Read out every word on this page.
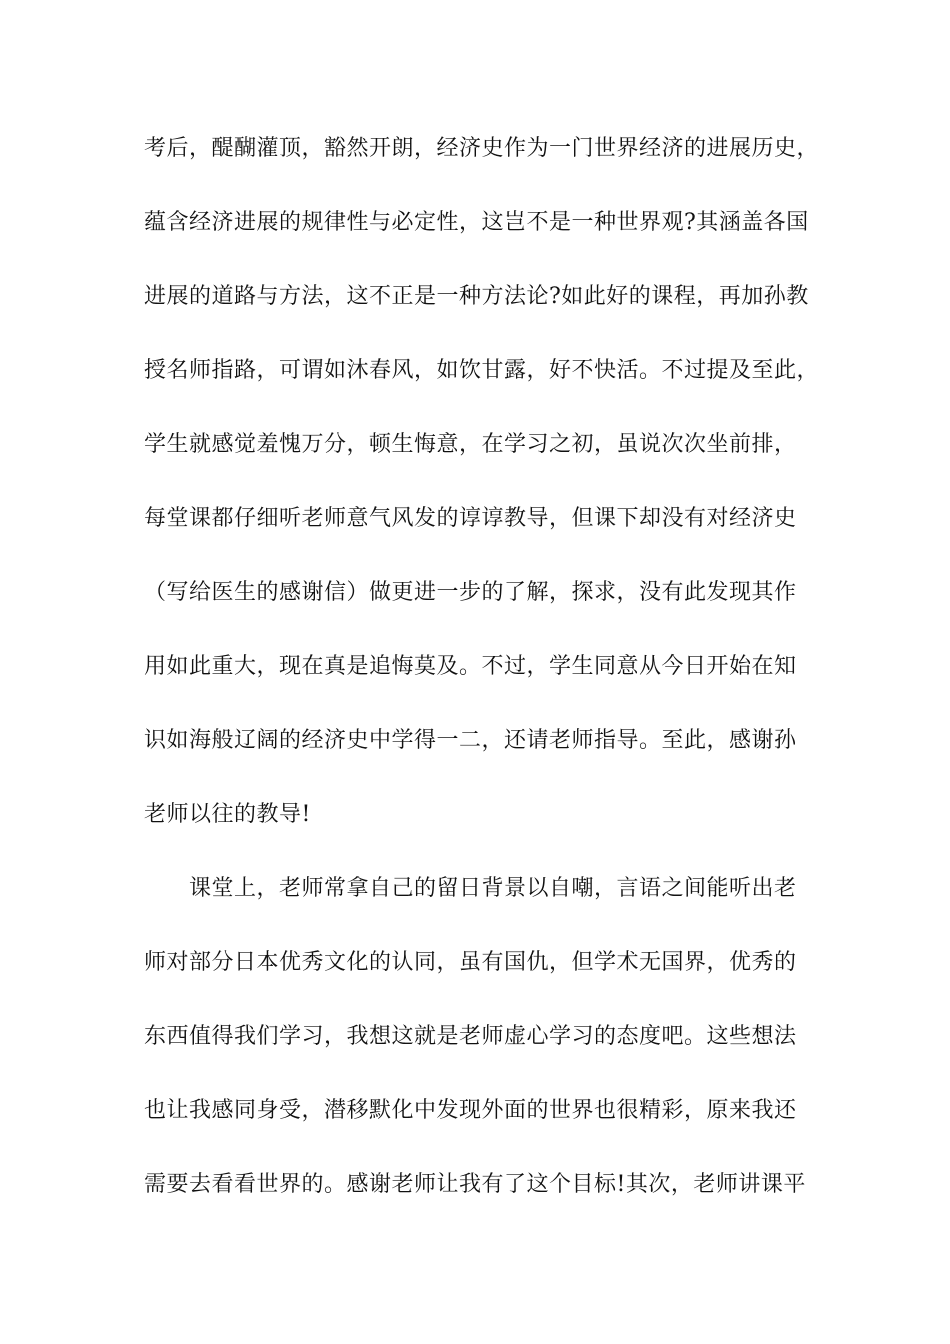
考后，醍醐灌顶，豁然开朗，经济史作为一门世界经济的进展历史，
蕴含经济进展的规律性与必定性，这岂不是一种世界观?其涵盖各国
进展的道路与方法，这不正是一种方法论?如此好的课程，再加孙教
授名师指路，可谓如沐春风，如饮甘露，好不快活。不过提及至此，
学生就感觉羞愧万分，顿生悔意，在学习之初，虽说次次坐前排，
每堂课都仔细听老师意气风发的谆谆教导，但课下却没有对经济史
（写给医生的感谢信）做更进一步的了解，探求，没有此发现其作
用如此重大，现在真是追悔莫及。不过，学生同意从今日开始在知
识如海般辽阔的经济史中学得一二，还请老师指导。至此，感谢孙
老师以往的教导!
　　课堂上，老师常拿自己的留日背景以自嘲，言语之间能听出老
师对部分日本优秀文化的认同，虽有国仇，但学术无国界，优秀的
东西值得我们学习，我想这就是老师虚心学习的态度吧。这些想法
也让我感同身受，潜移默化中发现外面的世界也很精彩，原来我还
需要去看看世界的。感谢老师让我有了这个目标!其次，老师讲课平
